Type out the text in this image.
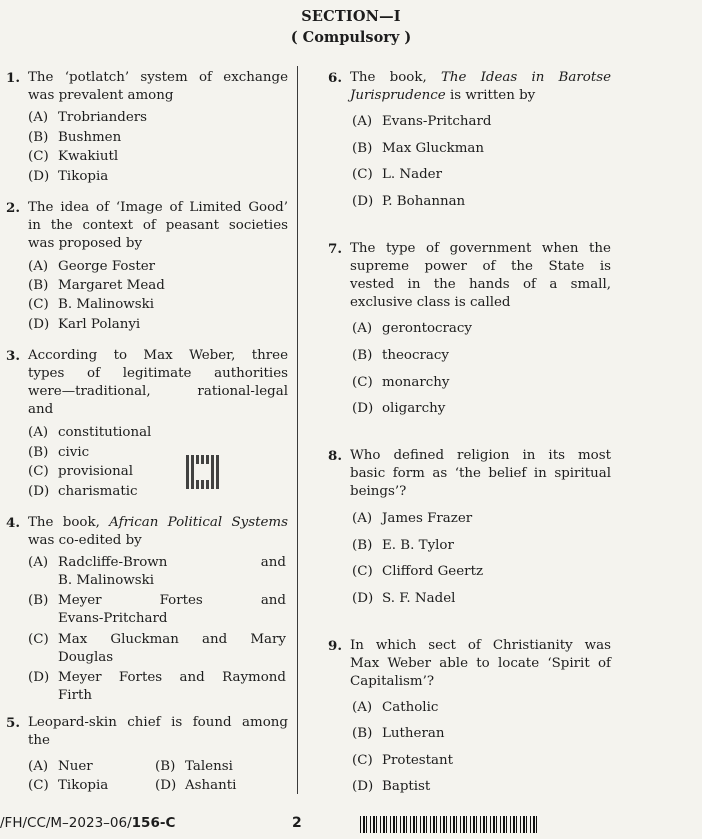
SECTION—I
( Compulsory )
1. The ‘potlatch’ system of exchange
was prevalent among
(A) Trobrianders
(B) Bushmen
(C) Kwakiutl
(D) Tikopia
2. The idea of ‘Image of Limited Good’
in the context of peasant societies
was proposed by
(A) George Foster
(B) Margaret Mead
(C) B. Malinowski
(D) Karl Polanyi
3. According to Max Weber, three
types of legitimate authorities
were—traditional, rational-legal
and
(A) constitutional
(B) civic
(C) provisional
(D) charismatic
4. The book, African Political Systems
was co-edited by
(A) Radcliffe-Brown and
B. Malinowski
(B) Meyer Fortes and
Evans-Pritchard
(C) Max Gluckman and Mary
Douglas
(D) Meyer Fortes and Raymond
Firth
5. Leopard-skin chief is found among
the
(A) Nuer	(B) Talensi
(C) Tikopia	(D) Ashanti
6. The book, The Ideas in Barotse
Jurisprudence is written by
(A) Evans-Pritchard
(B) Max Gluckman
(C) L. Nader
(D) P. Bohannan
7. The type of government when the
supreme power of the State is
vested in the hands of a small,
exclusive class is called
(A) gerontocracy
(B) theocracy
(C) monarchy
(D) oligarchy
8. Who defined religion in its most
basic form as ‘the belief in spiritual
beings’?
(A) James Frazer
(B) E. B. Tylor
(C) Clifford Geertz
(D) S. F. Nadel
9. In which sect of Christianity was
Max Weber able to locate ‘Spirit of
Capitalism’?
(A) Catholic
(B) Lutheran
(C) Protestant
(D) Baptist
/FH/CC/M–2023–06/156-C	2
